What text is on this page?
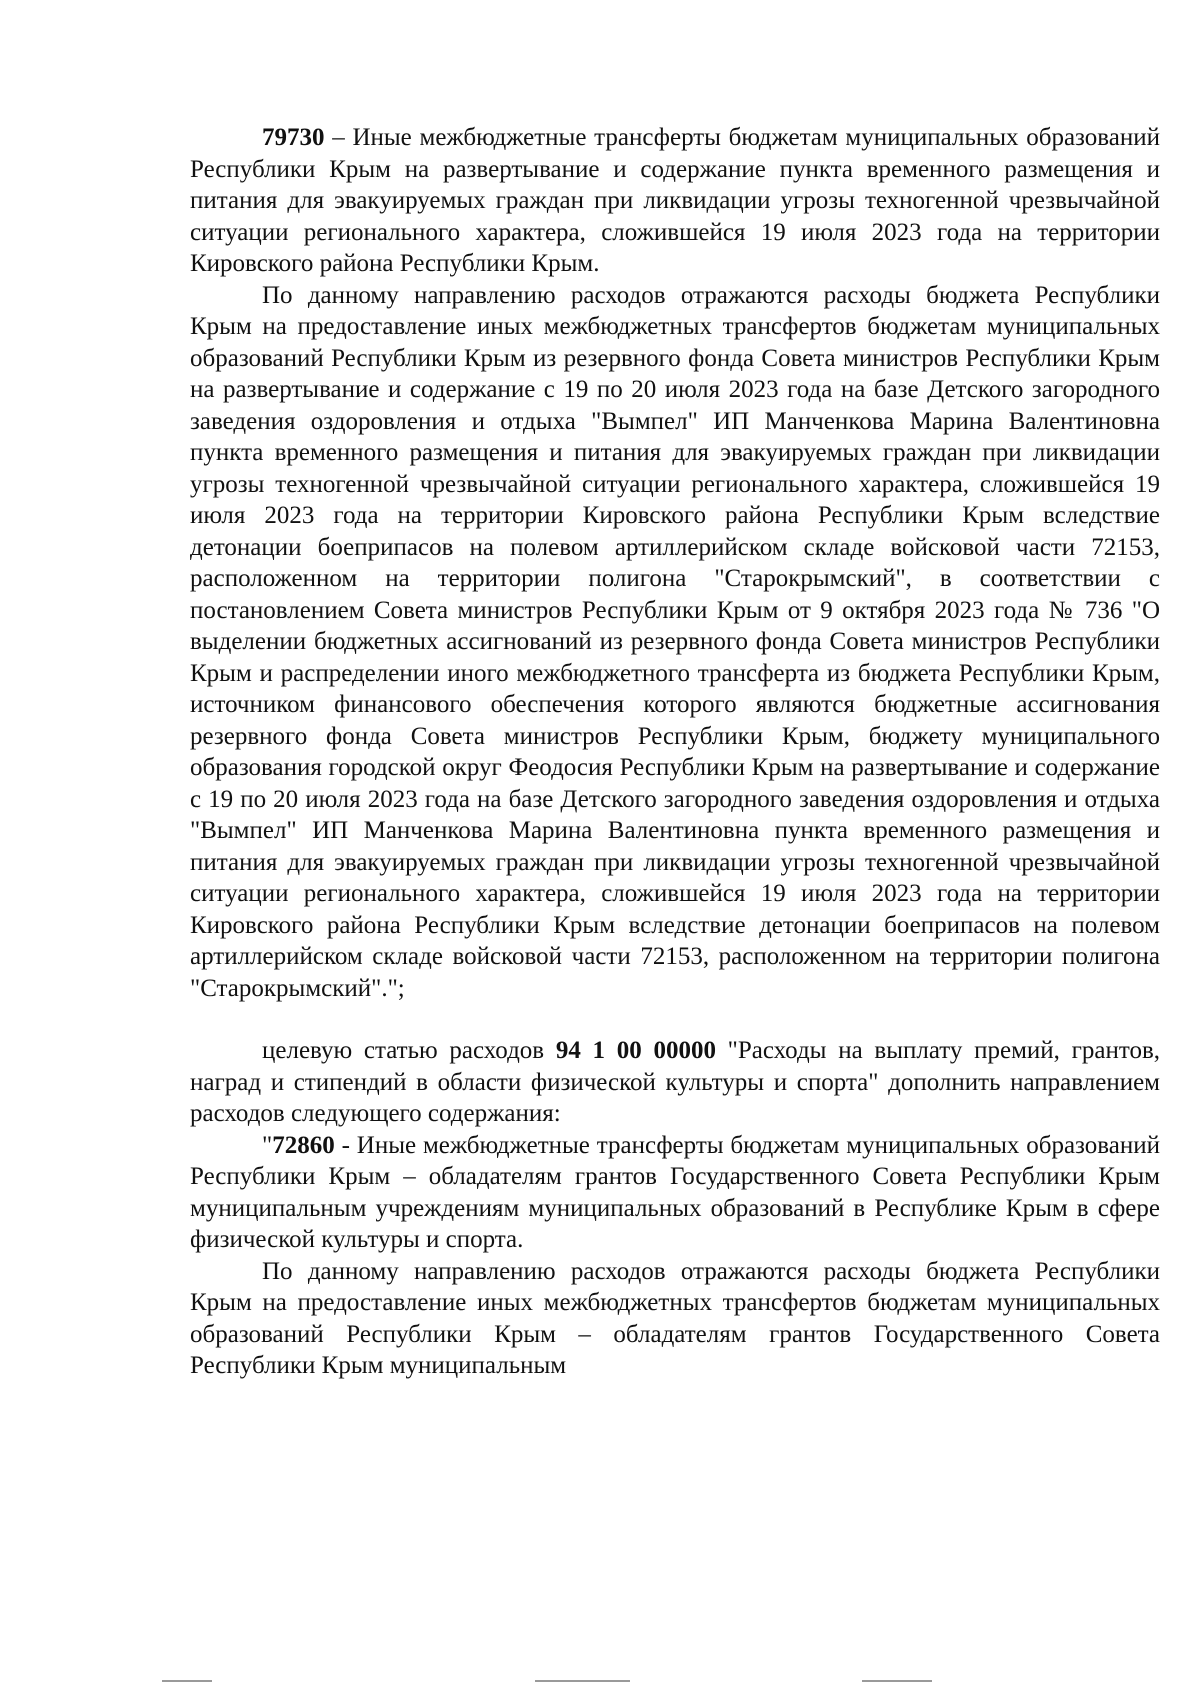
79730 – Иные межбюджетные трансферты бюджетам муниципальных образований Республики Крым на развертывание и содержание пункта временного размещения и питания для эвакуируемых граждан при ликвидации угрозы техногенной чрезвычайной ситуации регионального характера, сложившейся 19 июля 2023 года на территории Кировского района Республики Крым.

По данному направлению расходов отражаются расходы бюджета Республики Крым на предоставление иных межбюджетных трансфертов бюджетам муниципальных образований Республики Крым из резервного фонда Совета министров Республики Крым на развертывание и содержание с 19 по 20 июля 2023 года на базе Детского загородного заведения оздоровления и отдыха "Вымпел" ИП Манченкова Марина Валентиновна пункта временного размещения и питания для эвакуируемых граждан при ликвидации угрозы техногенной чрезвычайной ситуации регионального характера, сложившейся 19 июля 2023 года на территории Кировского района Республики Крым вследствие детонации боеприпасов на полевом артиллерийском складе войсковой части 72153, расположенном на территории полигона "Старокрымский", в соответствии с постановлением Совета министров Республики Крым от 9 октября 2023 года № 736 "О выделении бюджетных ассигнований из резервного фонда Совета министров Республики Крым и распределении иного межбюджетного трансферта из бюджета Республики Крым, источником финансового обеспечения которого являются бюджетные ассигнования резервного фонда Совета министров Республики Крым, бюджету муниципального образования городской округ Феодосия Республики Крым на развертывание и содержание с 19 по 20 июля 2023 года на базе Детского загородного заведения оздоровления и отдыха "Вымпел" ИП Манченкова Марина Валентиновна пункта временного размещения и питания для эвакуируемых граждан при ликвидации угрозы техногенной чрезвычайной ситуации регионального характера, сложившейся 19 июля 2023 года на территории Кировского района Республики Крым вследствие детонации боеприпасов на полевом артиллерийском складе войсковой части 72153, расположенном на территории полигона "Старокрымский".";

целевую статью расходов 94 1 00 00000 "Расходы на выплату премий, грантов, наград и стипендий в области физической культуры и спорта" дополнить направлением расходов следующего содержания:

"72860 - Иные межбюджетные трансферты бюджетам муниципальных образований Республики Крым – обладателям грантов Государственного Совета Республики Крым муниципальным учреждениям муниципальных образований в Республике Крым в сфере физической культуры и спорта.

По данному направлению расходов отражаются расходы бюджета Республики Крым на предоставление иных межбюджетных трансфертов бюджетам муниципальных образований Республики Крым – обладателям грантов Государственного Совета Республики Крым муниципальным
